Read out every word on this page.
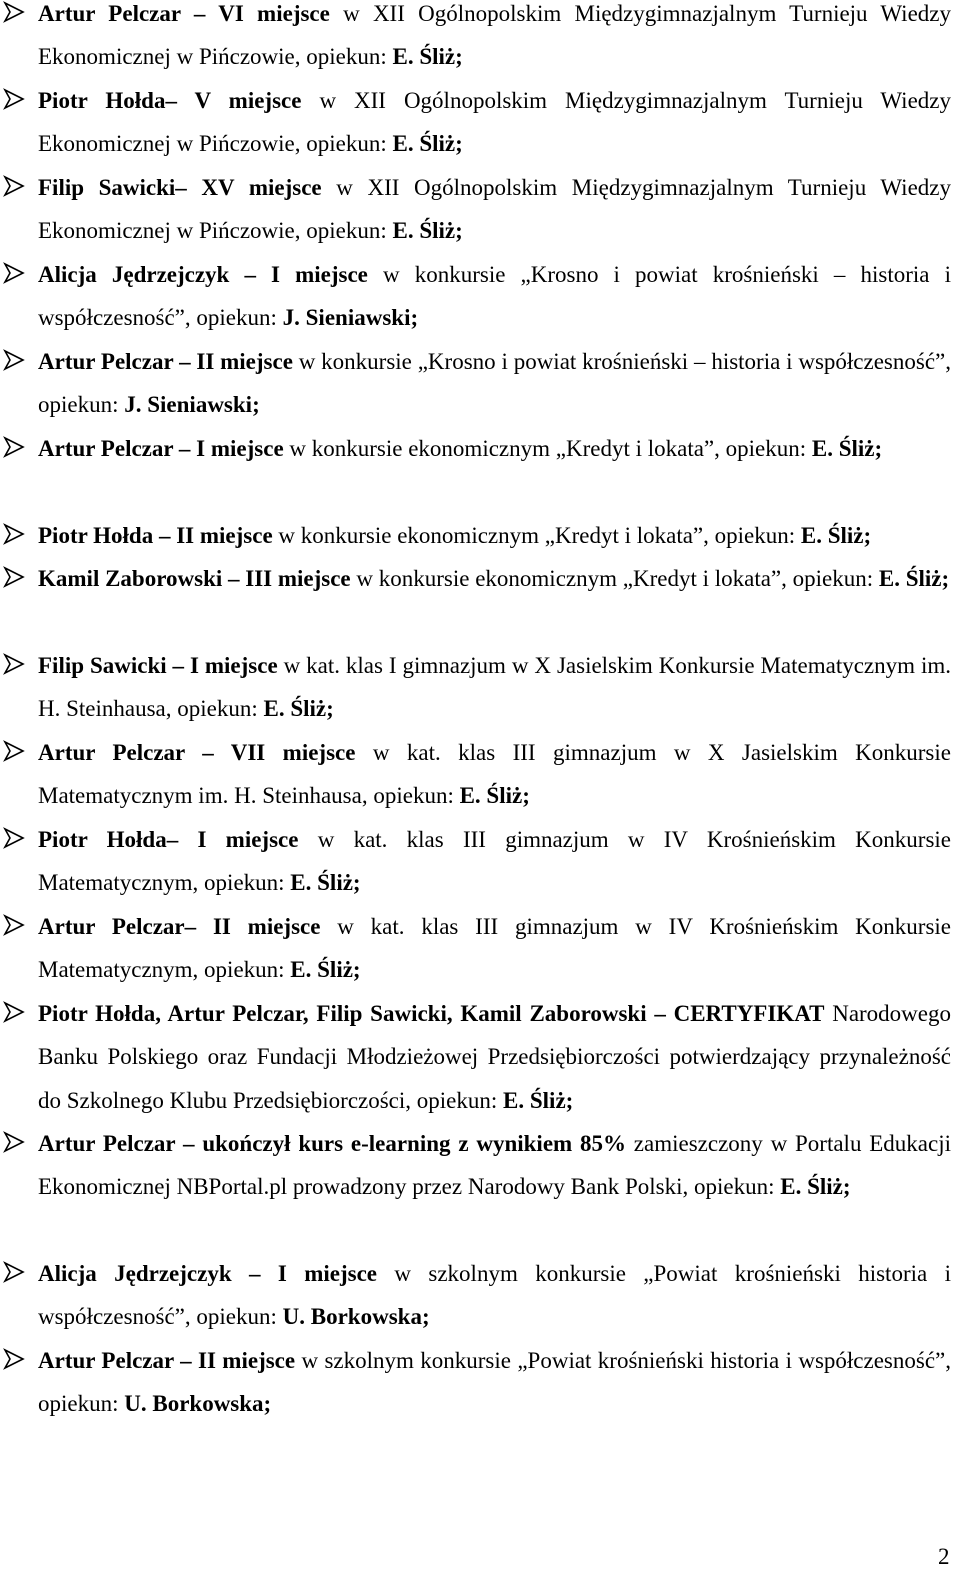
Artur Pelczar – VI miejsce w XII Ogólnopolskim Międzygimnazjalnym Turnieju Wiedzy Ekonomicznej w Pińczowie, opiekun: E. Śliż;
Piotr Hołda– V miejsce w XII Ogólnopolskim Międzygimnazjalnym Turnieju Wiedzy Ekonomicznej w Pińczowie, opiekun: E. Śliż;
Filip Sawicki– XV miejsce w XII Ogólnopolskim Międzygimnazjalnym Turnieju Wiedzy Ekonomicznej w Pińczowie, opiekun: E. Śliż;
Alicja Jędrzejczyk – I miejsce w konkursie „Krosno i powiat krośnieński – historia i współczesność”, opiekun: J. Sieniawski;
Artur Pelczar – II miejsce w konkursie „Krosno i powiat krośnieński – historia i współczesność”, opiekun: J. Sieniawski;
Artur Pelczar – I miejsce w konkursie ekonomicznym „Kredyt i lokata”, opiekun: E. Śliż;
Piotr Hołda – II miejsce w konkursie ekonomicznym „Kredyt i lokata”, opiekun: E. Śliż;
Kamil Zaborowski – III miejsce w konkursie ekonomicznym „Kredyt i lokata”, opiekun: E. Śliż;
Filip Sawicki – I miejsce w kat. klas I gimnazjum w X Jasielskim Konkursie Matematycznym im. H. Steinhausa, opiekun: E. Śliż;
Artur Pelczar – VII miejsce w kat. klas III gimnazjum w X Jasielskim Konkursie Matematycznym im. H. Steinhausa, opiekun: E. Śliż;
Piotr Hołda– I miejsce w kat. klas III gimnazjum w IV Krośnieńskim Konkursie Matematycznym, opiekun: E. Śliż;
Artur Pelczar– II miejsce w kat. klas III gimnazjum w IV Krośnieńskim Konkursie Matematycznym, opiekun: E. Śliż;
Piotr Hołda, Artur Pelczar, Filip Sawicki, Kamil Zaborowski – CERTYFIKAT Narodowego Banku Polskiego oraz Fundacji Młodzieżowej Przedsiębiorczości potwierdzający przynależność do Szkolnego Klubu Przedsiębiorczości, opiekun: E. Śliż;
Artur Pelczar – ukończył kurs e-learning z wynikiem 85% zamieszczony w Portalu Edukacji Ekonomicznej NBPortal.pl prowadzony przez Narodowy Bank Polski, opiekun: E. Śliż;
Alicja Jędrzejczyk – I miejsce w szkolnym konkursie „Powiat krośnieński historia i współczesność”, opiekun: U. Borkowska;
Artur Pelczar – II miejsce w szkolnym konkursie „Powiat krośnieński historia i współczesność”, opiekun: U. Borkowska;
2
